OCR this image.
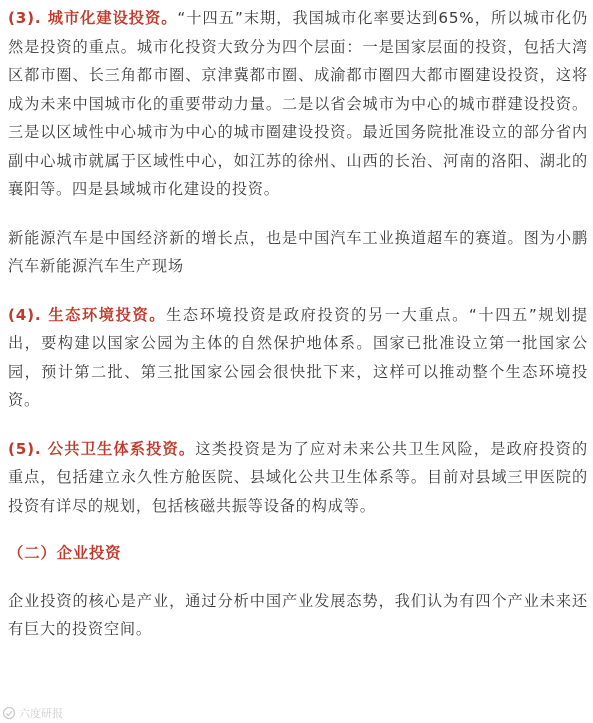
(3). 城市化建设投资。“十四五”末期，我国城市化率要达到65%，所以城市化仍然是投资的重点。城市化投资大致分为四个层面：一是国家层面的投资，包括大湾区都市圈、长三角都市圈、京津冀都市圈、成渝都市圈四大都市圈建设投资，这将成为未来中国城市化的重要带动力量。二是以省会城市为中心的城市群建设投资。三是以区域性中心城市为中心的城市圈建设投资。最近国务院批准设立的部分省内副中心城市就属于区域性中心，如江苏的徐州、山西的长治、河南的洛阳、湖北的襄阳等。四是县域城市化建设的投资。

新能源汽车是中国经济新的增长点，也是中国汽车工业换道超车的赛道。图为小鹏汽车新能源汽车生产现场

(4). 生态环境投资。生态环境投资是政府投资的另一大重点。“十四五”规划提出，要构建以国家公园为主体的自然保护地体系。国家已批准设立第一批国家公园，预计第二批、第三批国家公园会很快批下来，这样可以推动整个生态环境投资。

(5). 公共卫生体系投资。这类投资是为了应对未来公共卫生风险，是政府投资的重点，包括建立永久性方舱医院、县域化公共卫生体系等。目前对县域三甲医院的投资有详尽的规划，包括核磁共振等设备的构成等。

（二）企业投资

企业投资的核心是产业，通过分析中国产业发展态势，我们认为有四个产业未来还有巨大的投资空间。

六度研报
